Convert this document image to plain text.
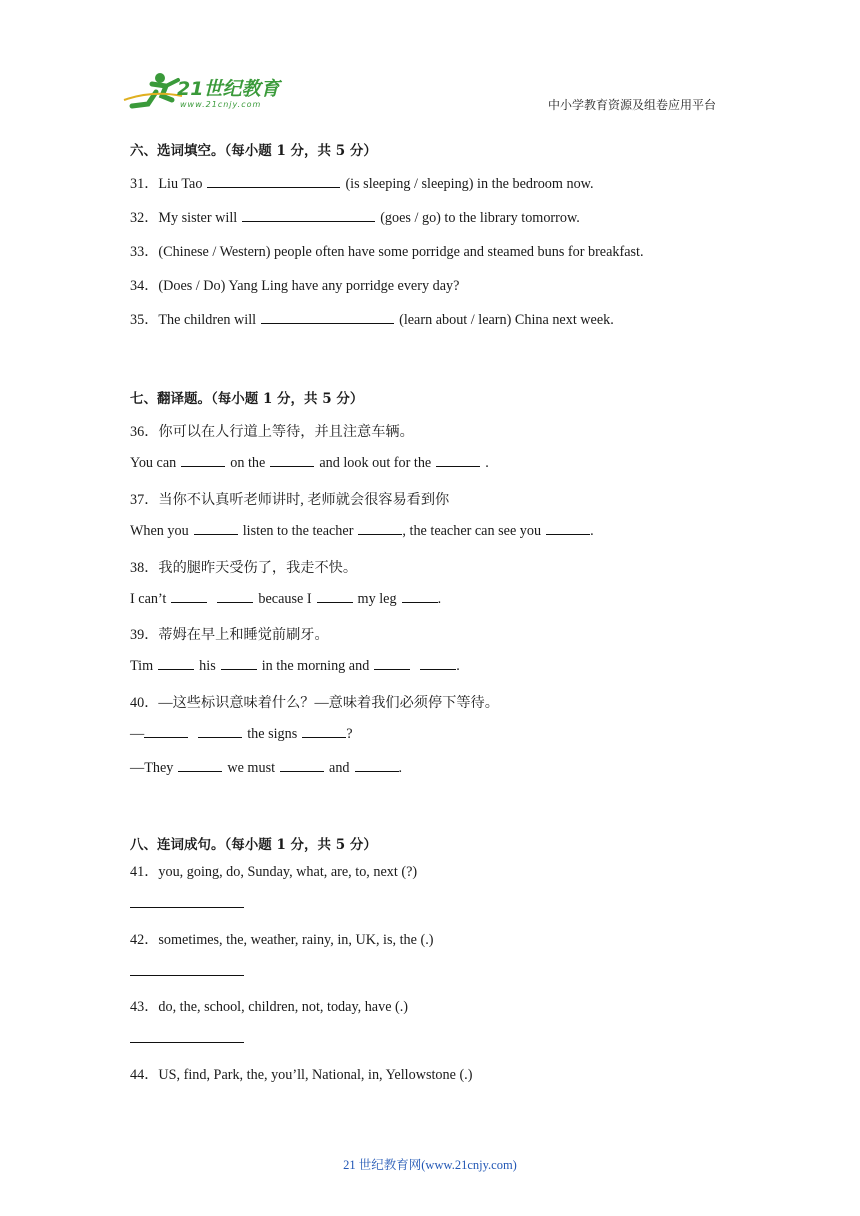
21世纪教育
www.21cnjy.com	中小学教育资源及组卷应用平台
六、选词填空。（每小题 1 分，共 5 分）
31．Liu Tao	(is sleeping / sleeping) in the bedroom now.
32．My sister will	(goes / go) to the library tomorrow.
33．(Chinese / Western) people often have some porridge and steamed buns for breakfast.
34．(Does / Do) Yang Ling have any porridge every day?
35．The children will	(learn about / learn) China next week.
七、翻译题。（每小题 1 分，共 5 分）
36．你可以在人行道上等待，并且注意车辆。
You can	on the	and look out for the	.
37．当你不认真听老师讲时, 老师就会很容易看到你
When you	listen to the teacher	, the teacher can see you	.
38．我的腿昨天受伤了，我走不快。
I can’t	because I	my leg	.
39．蒂姆在早上和睡觉前刷牙。
Tim	his	in the morning and	.
40．—这些标识意味着什么？—意味着我们必须停下等待。
—	the signs	?
—They	we must	and	.
八、连词成句。（每小题 1 分，共 5 分）
41．you, going, do, Sunday, what, are, to, next (?)
42．sometimes, the, weather, rainy, in, UK, is, the (.)
43．do, the, school, children, not, today, have (.)
44．US, find, Park, the, you’ll, National, in, Yellowstone (.)
21 世纪教育网(www.21cnjy.com)
